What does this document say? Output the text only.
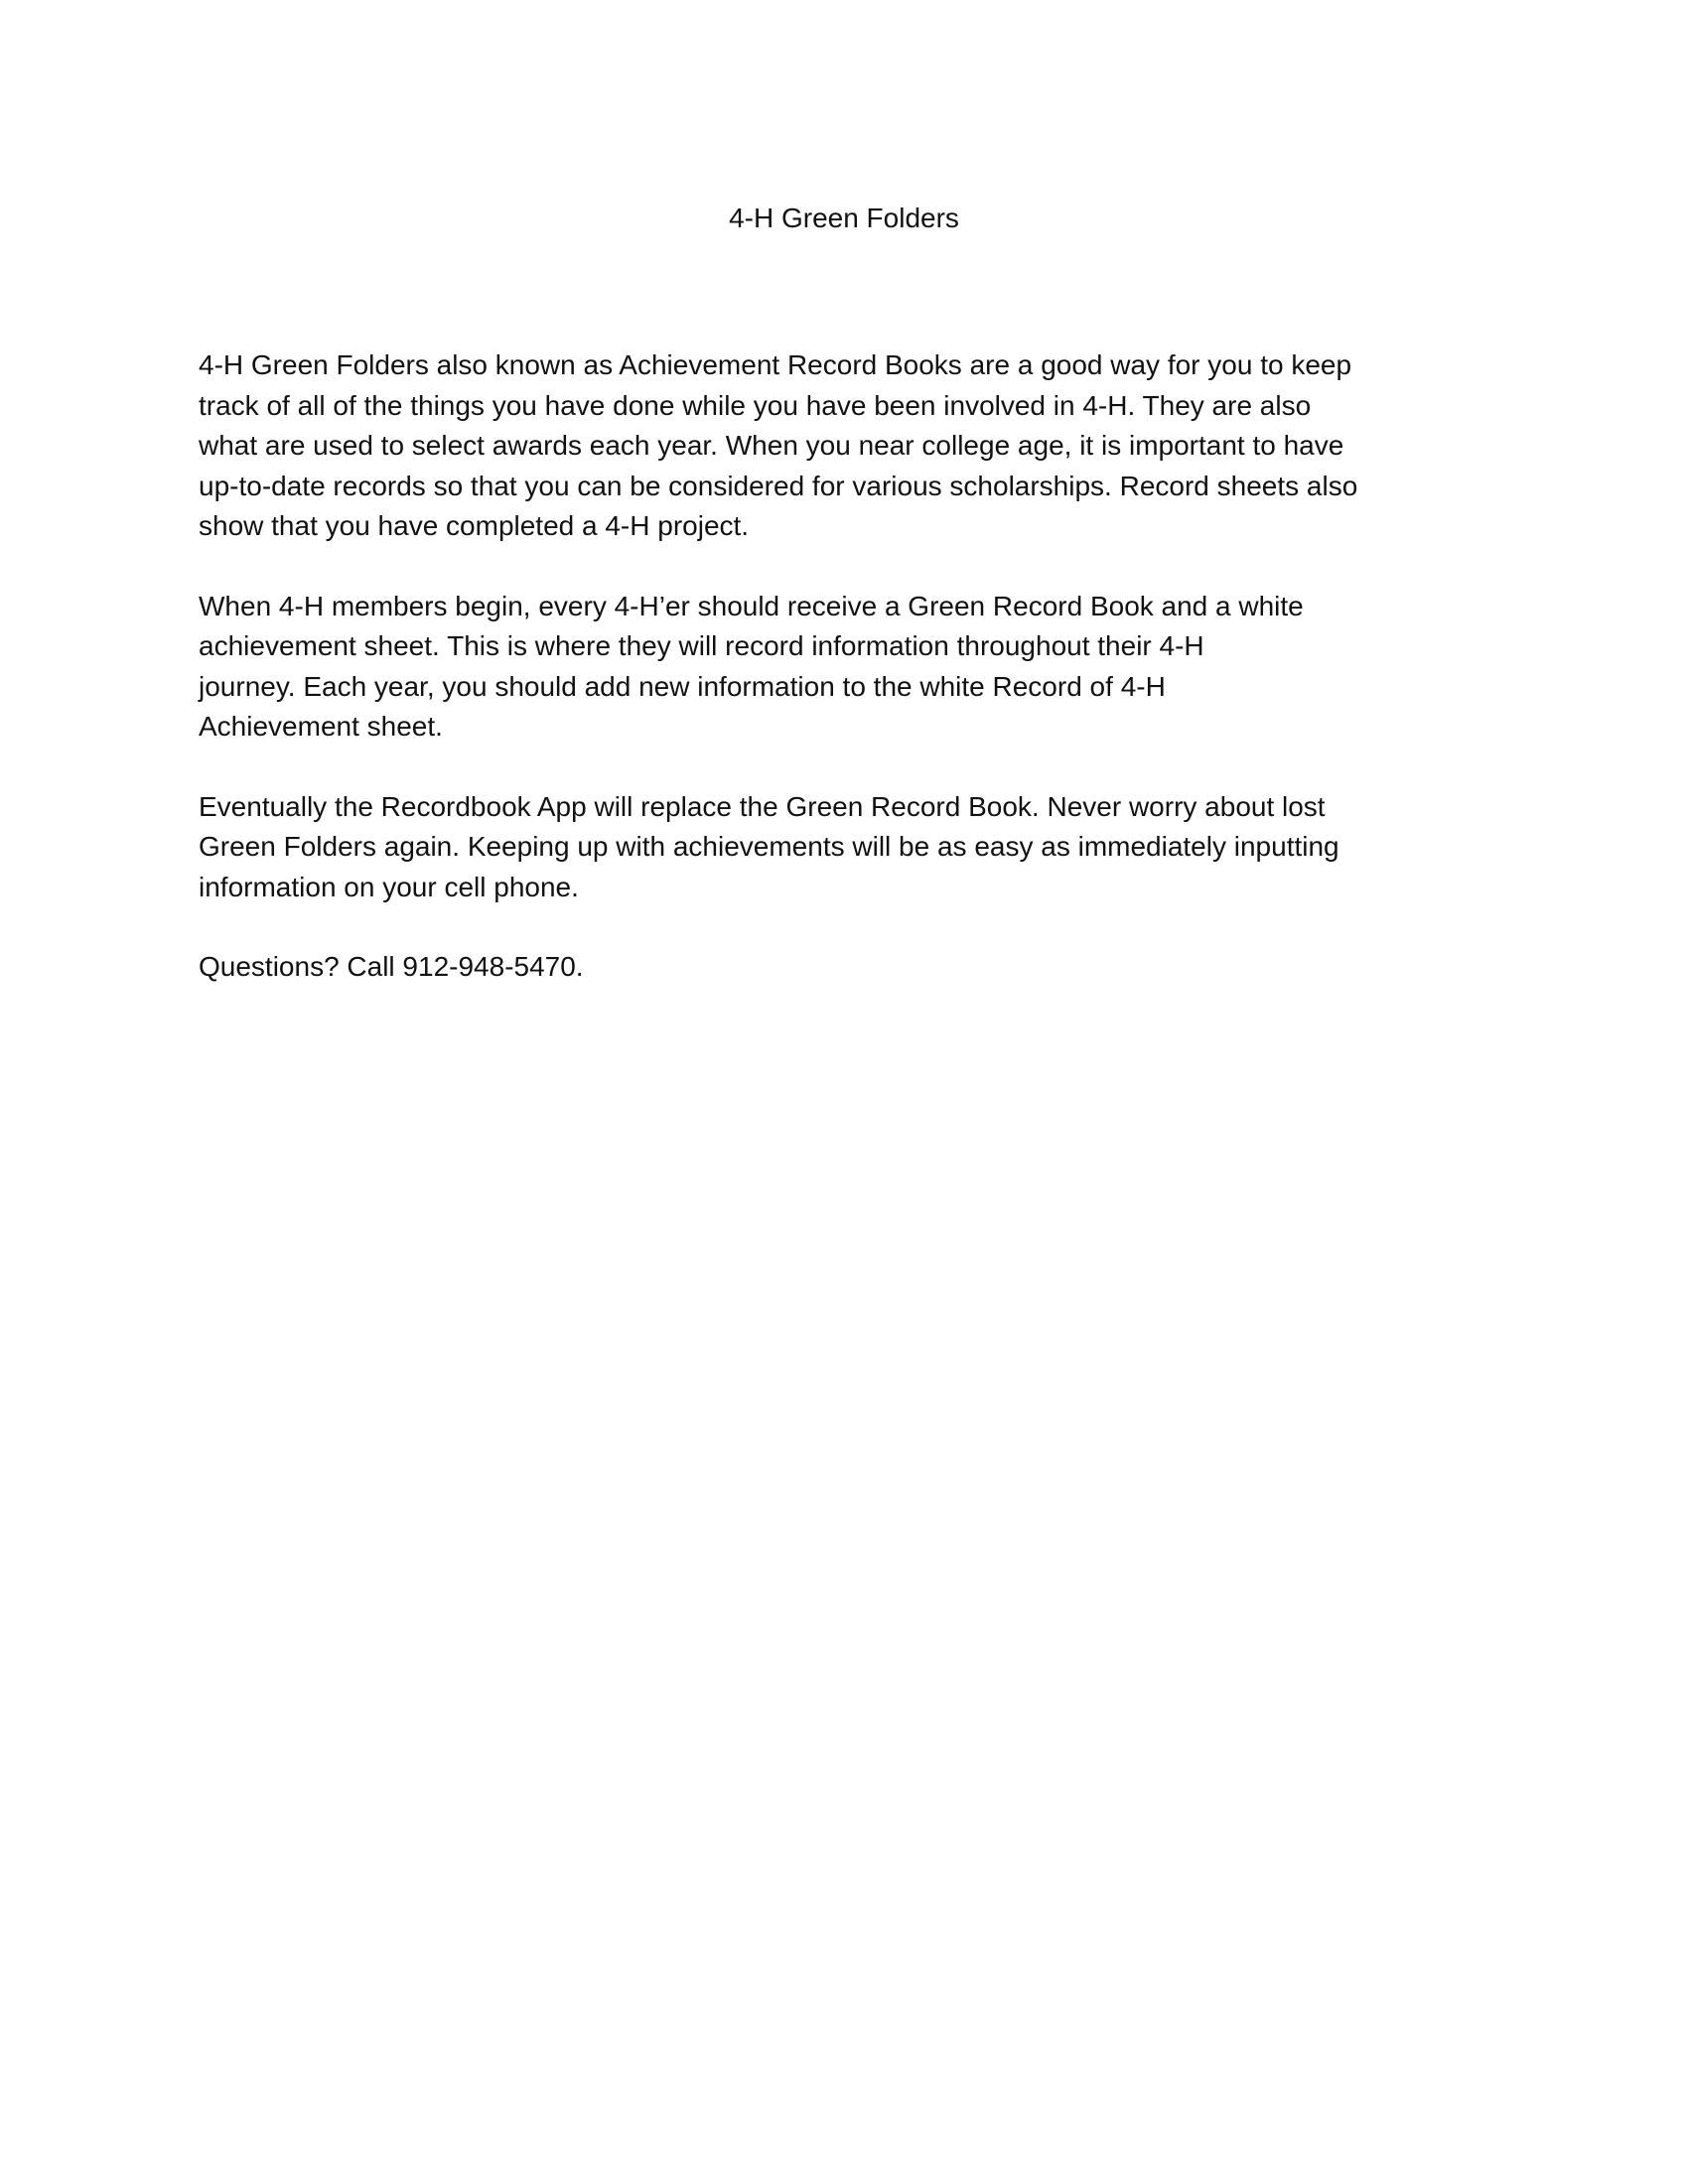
4-H Green Folders

4-H Green Folders also known as Achievement Record Books are a good way for you to keep
track of all of the things you have done while you have been involved in 4-H. They are also
what are used to select awards each year. When you near college age, it is important to have
up-to-date records so that you can be considered for various scholarships. Record sheets also
show that you have completed a 4-H project.

When 4-H members begin, every 4-H’er should receive a Green Record Book and a white
achievement sheet. This is where they will record information throughout their 4-H
journey. Each year, you should add new information to the white Record of 4-H
Achievement sheet.

Eventually the Recordbook App will replace the Green Record Book. Never worry about lost
Green Folders again. Keeping up with achievements will be as easy as immediately inputting
information on your cell phone.

Questions? Call 912-948-5470.
